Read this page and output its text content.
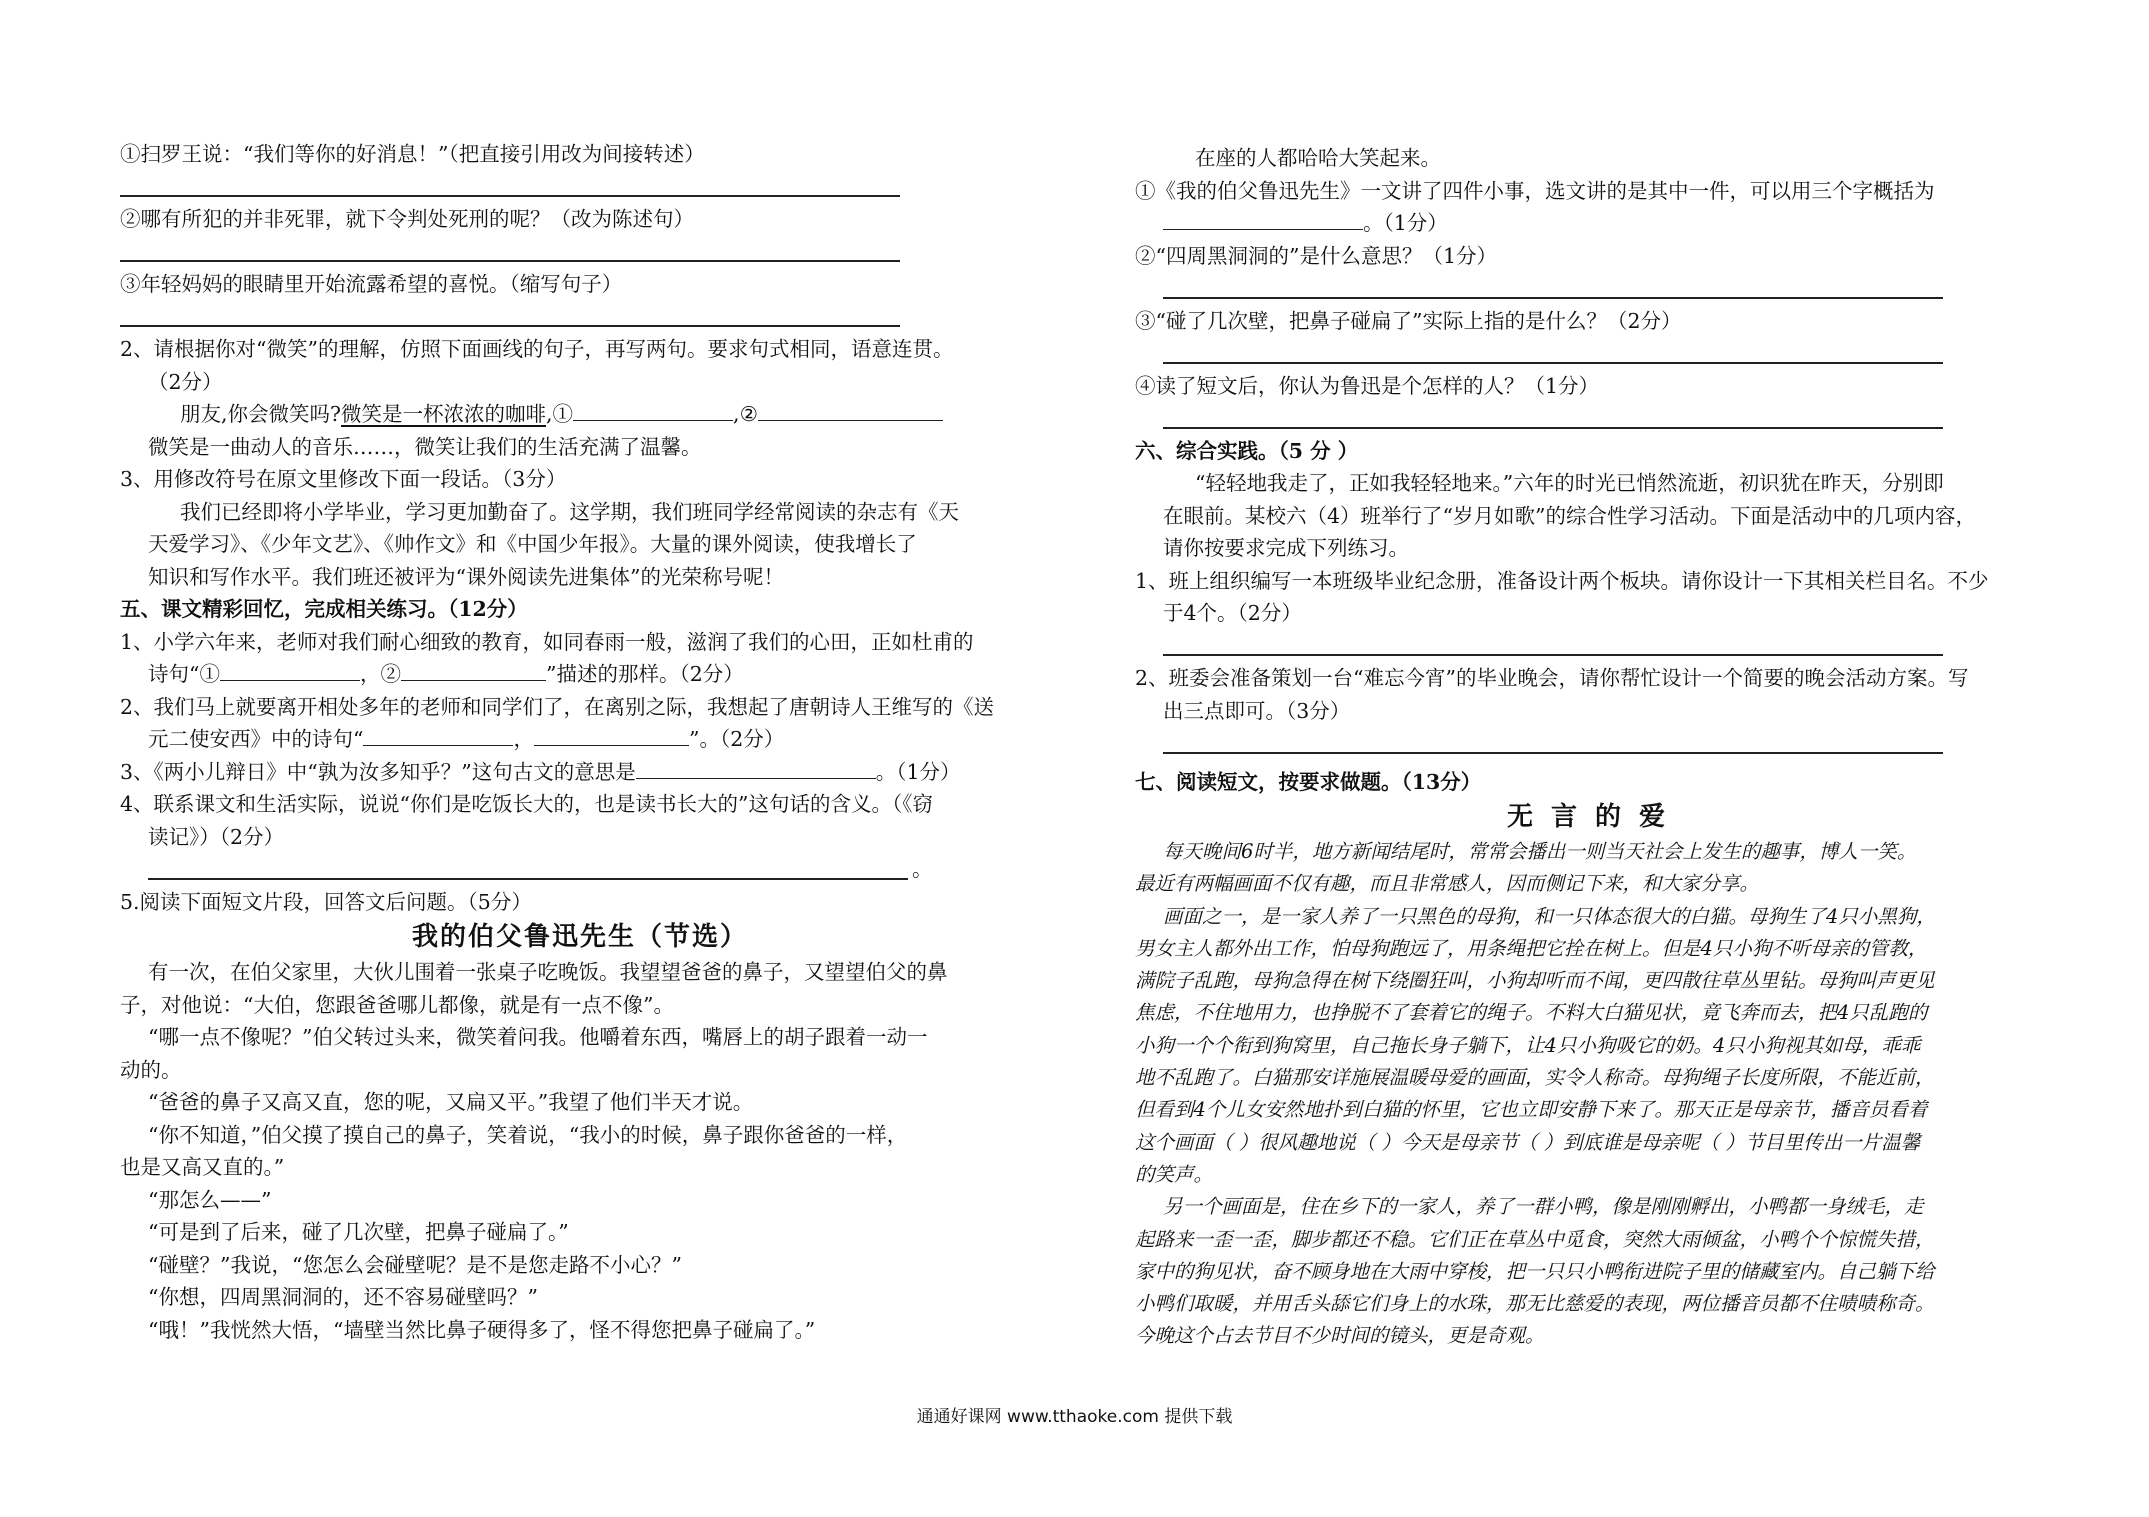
①扫罗王说：“我们等你的好消息！”（把直接引用改为间接转述）
②哪有所犯的并非死罪，就下令判处死刑的呢？（改为陈述句）
③年轻妈妈的眼睛里开始流露希望的喜悦。（缩写句子）
2、请根据你对“微笑”的理解，仿照下面画线的句子，再写两句。要求句式相同，语意连贯。
（2分）
朋友,你会微笑吗?微笑是一杯浓浓的咖啡,①	,②
微笑是一曲动人的音乐……，微笑让我们的生活充满了温馨。
3、用修改符号在原文里修改下面一段话。（3分）
我们已经即将小学毕业，学习更加勤奋了。这学期，我们班同学经常阅读的杂志有《天
天爱学习》、《少年文艺》、《帅作文》和《中国少年报》。大量的课外阅读，使我增长了
知识和写作水平。我们班还被评为“课外阅读先进集体”的光荣称号呢！
五、课文精彩回忆，完成相关练习。（12分）
1、小学六年来，老师对我们耐心细致的教育，如同春雨一般，滋润了我们的心田，正如杜甫的
诗句“①	，②	”描述的那样。（2分）
2、我们马上就要离开相处多年的老师和同学们了，在离别之际，我想起了唐朝诗人王维写的《送
元二使安西》中的诗句“	，	”。（2分）
3、《两小儿辩日》中“孰为汝多知乎？”这句古文的意思是	。（1分）
4、联系课文和生活实际，说说“你们是吃饭长大的，也是读书长大的”这句话的含义。（《窃
读记》）（2分）
。
5.阅读下面短文片段，回答文后问题。（5分）
我的伯父鲁迅先生（节选）
有一次，在伯父家里，大伙儿围着一张桌子吃晚饭。我望望爸爸的鼻子，又望望伯父的鼻
子，对他说：“大伯，您跟爸爸哪儿都像，就是有一点不像”。
“哪一点不像呢？”伯父转过头来，微笑着问我。他嚼着东西，嘴唇上的胡子跟着一动一
动的。
“爸爸的鼻子又高又直，您的呢，又扁又平。”我望了他们半天才说。
“你不知道，”伯父摸了摸自己的鼻子，笑着说，“我小的时候，鼻子跟你爸爸的一样，
也是又高又直的。”
“那怎么——”
“可是到了后来，碰了几次壁，把鼻子碰扁了。”
“碰壁？”我说，“您怎么会碰壁呢？是不是您走路不小心？”
“你想，四周黑洞洞的，还不容易碰壁吗？”
“哦！”我恍然大悟，“墙壁当然比鼻子硬得多了，怪不得您把鼻子碰扁了。”
在座的人都哈哈大笑起来。
①《我的伯父鲁迅先生》一文讲了四件小事，选文讲的是其中一件，可以用三个字概括为
。（1分）
②“四周黑洞洞的”是什么意思？（1分）
③“碰了几次壁，把鼻子碰扁了”实际上指的是什么？（2分）
④读了短文后，你认为鲁迅是个怎样的人？（1分）
六、综合实践。（5 分 ）
“轻轻地我走了，正如我轻轻地来。”六年的时光已悄然流逝，初识犹在昨天，分别即
在眼前。某校六（4）班举行了“岁月如歌”的综合性学习活动。下面是活动中的几项内容，
请你按要求完成下列练习。
1、班上组织编写一本班级毕业纪念册，准备设计两个板块。请你设计一下其相关栏目名。不少
于4个。（2分）
2、班委会准备策划一台“难忘今宵”的毕业晚会，请你帮忙设计一个简要的晚会活动方案。写
出三点即可。（3分）
七、阅读短文，按要求做题。（13分）
无言的爱
每天晚间6时半，地方新闻结尾时，常常会播出一则当天社会上发生的趣事，博人一笑。
最近有两幅画面不仅有趣，而且非常感人，因而侧记下来，和大家分享。
画面之一，是一家人养了一只黑色的母狗，和一只体态很大的白猫。母狗生了4只小黑狗，
男女主人都外出工作，怕母狗跑远了，用条绳把它拴在树上。但是4只小狗不听母亲的管教，
满院子乱跑，母狗急得在树下绕圈狂叫，小狗却听而不闻，更四散往草丛里钻。母狗叫声更见
焦虑，不住地用力，也挣脱不了套着它的绳子。不料大白猫见状，竟飞奔而去，把4只乱跑的
小狗一个个衔到狗窝里，自己拖长身子躺下，让4只小狗吸它的奶。4只小狗视其如母，乖乖
地不乱跑了。白猫那安详施展温暖母爱的画面，实令人称奇。母狗绳子长度所限，不能近前，
但看到4个儿女安然地扑到白猫的怀里，它也立即安静下来了。那天正是母亲节，播音员看着
这个画面（ ）很风趣地说（ ）今天是母亲节（ ）到底谁是母亲呢（ ）节目里传出一片温馨
的笑声。
另一个画面是，住在乡下的一家人，养了一群小鸭，像是刚刚孵出，小鸭都一身绒毛，走
起路来一歪一歪，脚步都还不稳。它们正在草丛中觅食，突然大雨倾盆，小鸭个个惊慌失措，
家中的狗见状，奋不顾身地在大雨中穿梭，把一只只小鸭衔进院子里的储藏室内。自己躺下给
小鸭们取暖，并用舌头舔它们身上的水珠，那无比慈爱的表现，两位播音员都不住啧啧称奇。
今晚这个占去节目不少时间的镜头，更是奇观。
通通好课网 www.tthaoke.com 提供下载
